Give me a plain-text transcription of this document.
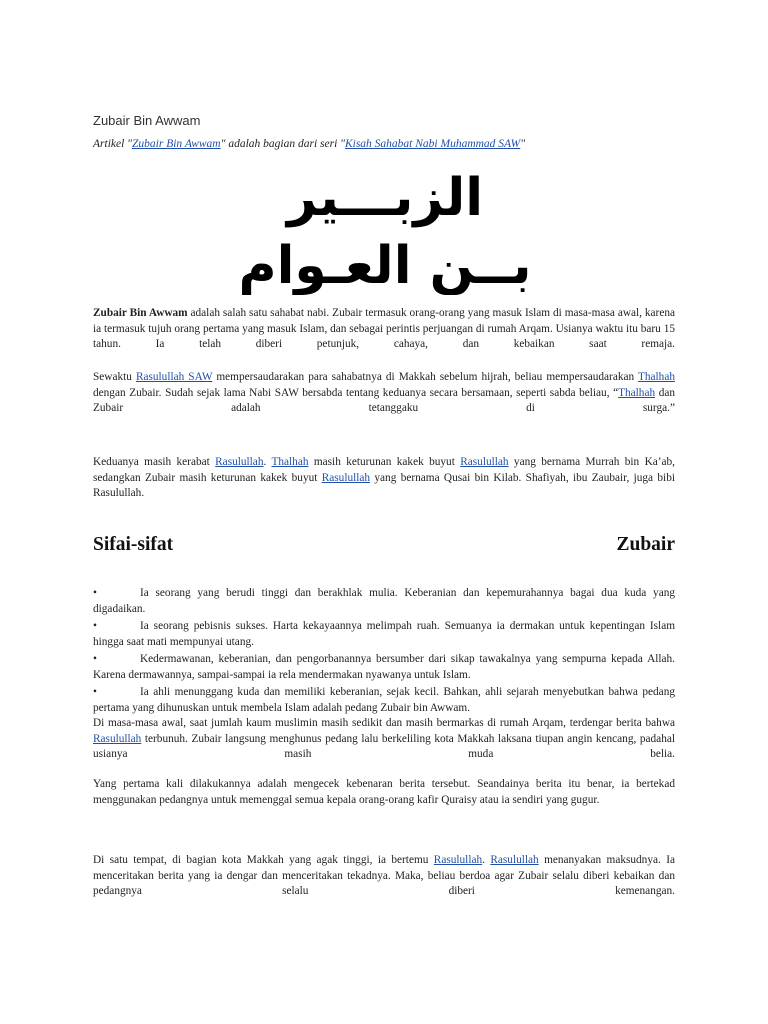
Zubair Bin Awwam
Artikel "Zubair Bin Awwam" adalah bagian dari seri "Kisah Sahabat Nabi Muhammad SAW"
الزبـــير
بــن العـوام
Zubair Bin Awwam adalah salah satu sahabat nabi. Zubair termasuk orang-orang yang masuk Islam di masa-masa awal, karena ia termasuk tujuh orang pertama yang masuk Islam, dan sebagai perintis perjuangan di rumah Arqam. Usianya waktu itu baru 15 tahun. Ia telah diberi petunjuk, cahaya, dan kebaikan saat remaja.
Sewaktu Rasulullah SAW mempersaudarakan para sahabatnya di Makkah sebelum hijrah, beliau mempersaudarakan Thalhah dengan Zubair. Sudah sejak lama Nabi SAW bersabda tentang keduanya secara bersamaan, seperti sabda beliau, “Thalhah dan Zubair adalah tetanggaku di surga.”
Keduanya masih kerabat Rasulullah. Thalhah masih keturunan kakek buyut Rasulullah yang bernama Murrah bin Ka’ab, sedangkan Zubair masih keturunan kakek buyut Rasulullah yang bernama Qusai bin Kilab. Shafiyah, ibu Zaubair, juga bibi Rasulullah.
Sifai-sifat	Zubair
•	Ia seorang yang berudi tinggi dan berakhlak mulia. Keberanian dan kepemurahannya bagai dua kuda yang digadaikan.
•	Ia seorang pebisnis sukses. Harta kekayaannya melimpah ruah. Semuanya ia dermakan untuk kepentingan Islam hingga saat mati mempunyai utang.
•	Kedermawanan, keberanian, dan pengorbanannya bersumber dari sikap tawakalnya yang sempurna kepada Allah. Karena dermawannya, sampai-sampai ia rela mendermakan nyawanya untuk Islam.
•	Ia ahli menunggang kuda dan memiliki keberanian, sejak kecil. Bahkan, ahli sejarah menyebutkan bahwa pedang pertama yang dihunuskan untuk membela Islam adalah pedang Zubair bin Awwam.
Di masa-masa awal, saat jumlah kaum muslimin masih sedikit dan masih bermarkas di rumah Arqam, terdengar berita bahwa Rasulullah terbunuh. Zubair langsung menghunus pedang lalu berkeliling kota Makkah laksana tiupan angin kencang, padahal usianya masih muda belia.
Yang pertama kali dilakukannya adalah mengecek kebenaran berita tersebut. Seandainya berita itu benar, ia bertekad menggunakan pedangnya untuk memenggal semua kepala orang-orang kafir Quraisy atau ia sendiri yang gugur.
Di satu tempat, di bagian kota Makkah yang agak tinggi, ia bertemu Rasulullah. Rasulullah menanyakan maksudnya. Ia menceritakan berita yang ia dengar dan menceritakan tekadnya. Maka, beliau berdoa agar Zubair selalu diberi kebaikan dan pedangnya selalu diberi kemenangan.
